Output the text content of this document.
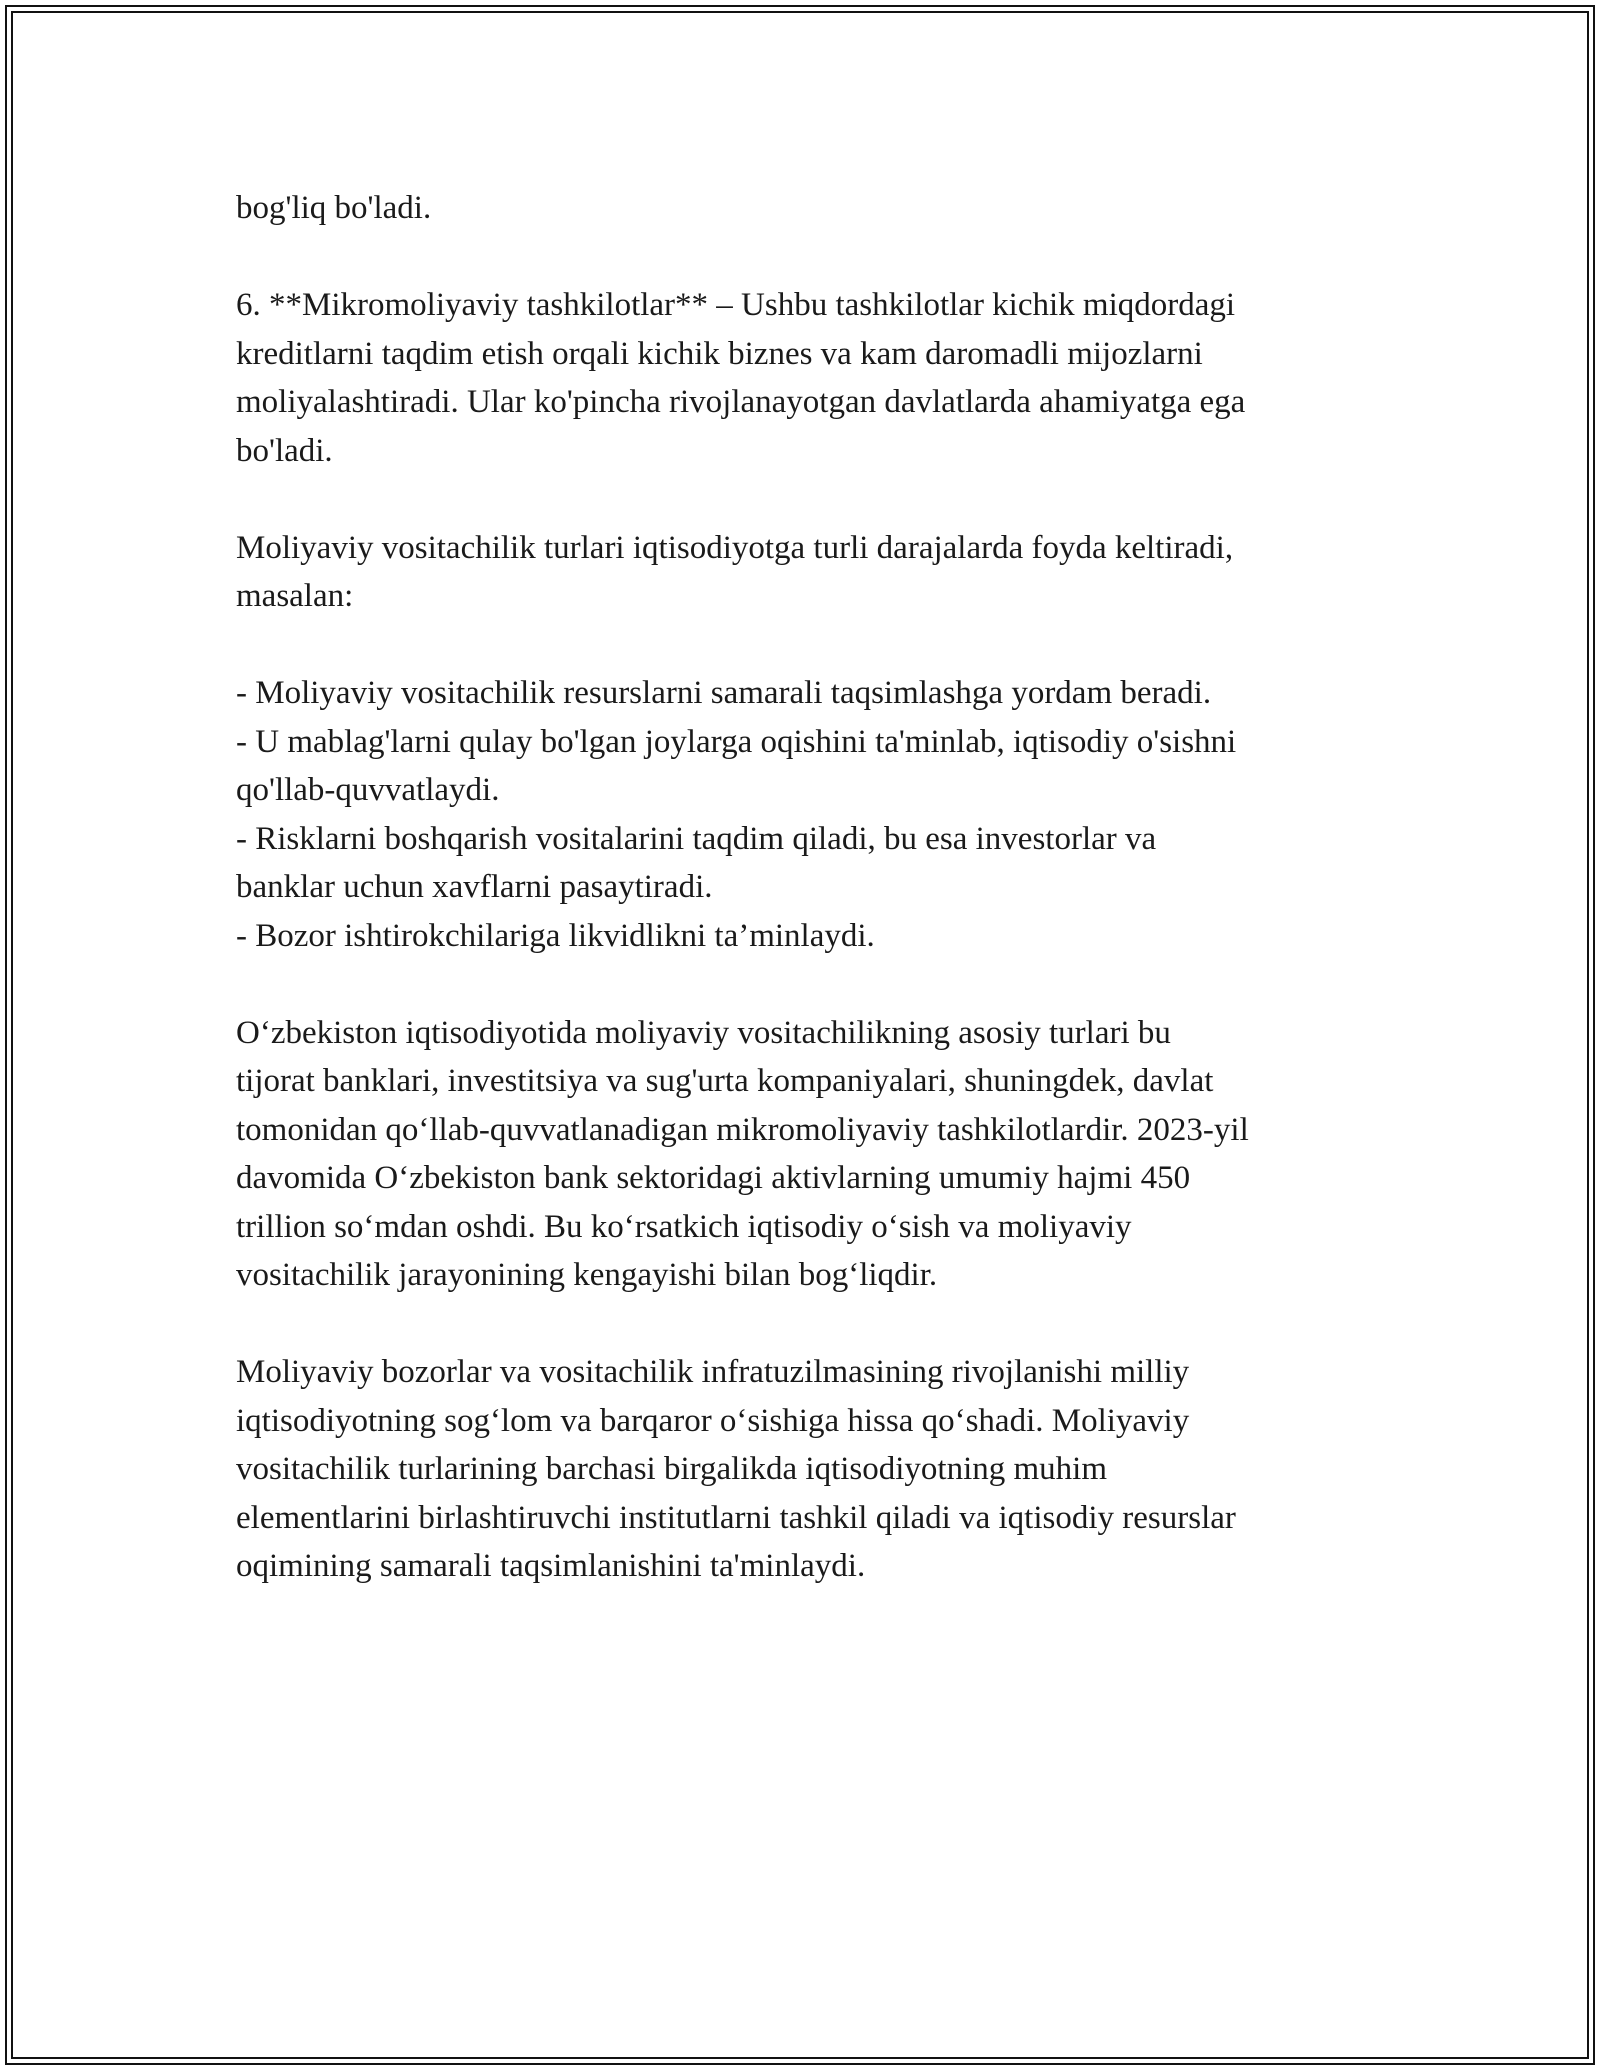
bog'liq bo'ladi.

6. **Mikromoliyaviy tashkilotlar** – Ushbu tashkilotlar kichik miqdordagi
kreditlarni taqdim etish orqali kichik biznes va kam daromadli mijozlarni
moliyalashtiradi. Ular ko'pincha rivojlanayotgan davlatlarda ahamiyatga ega
bo'ladi.

Moliyaviy vositachilik turlari iqtisodiyotga turli darajalarda foyda keltiradi,
masalan:

- Moliyaviy vositachilik resurslarni samarali taqsimlashga yordam beradi.
- U mablag'larni qulay bo'lgan joylarga oqishini ta'minlab, iqtisodiy o'sishni
qo'llab-quvvatlaydi.
- Risklarni boshqarish vositalarini taqdim qiladi, bu esa investorlar va
banklar uchun xavflarni pasaytiradi.
- Bozor ishtirokchilariga likvidlikni ta’minlaydi.

O‘zbekiston iqtisodiyotida moliyaviy vositachilikning asosiy turlari bu
tijorat banklari, investitsiya va sug'urta kompaniyalari, shuningdek, davlat
tomonidan qo‘llab-quvvatlanadigan mikromoliyaviy tashkilotlardir. 2023-yil
davomida O‘zbekiston bank sektoridagi aktivlarning umumiy hajmi 450
trillion so‘mdan oshdi. Bu ko‘rsatkich iqtisodiy o‘sish va moliyaviy
vositachilik jarayonining kengayishi bilan bog‘liqdir.

Moliyaviy bozorlar va vositachilik infratuzilmasining rivojlanishi milliy
iqtisodiyotning sog‘lom va barqaror o‘sishiga hissa qo‘shadi. Moliyaviy
vositachilik turlarining barchasi birgalikda iqtisodiyotning muhim
elementlarini birlashtiruvchi institutlarni tashkil qiladi va iqtisodiy resurslar
oqimining samarali taqsimlanishini ta'minlaydi.
